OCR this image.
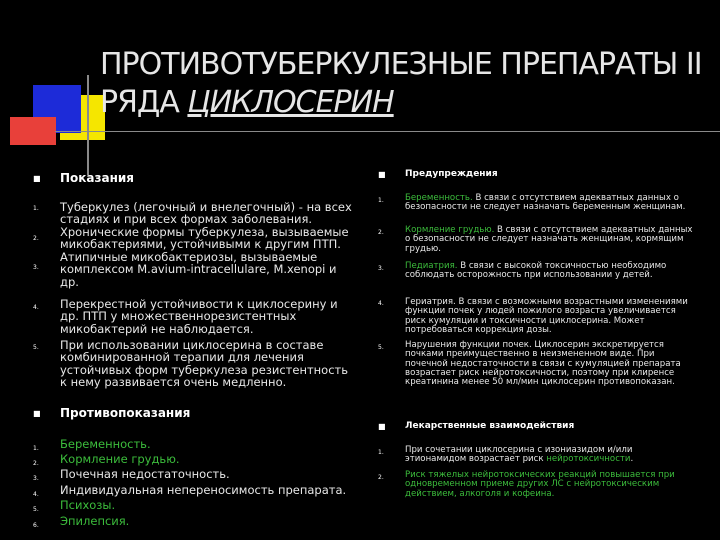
ПРОТИВОТУБЕРКУЛЕЗНЫЕ ПРЕПАРАТЫ II РЯДА ЦИКЛОСЕРИН
■ Показания
1. Туберкулез (легочный и внелегочный) - на всех стадиях и при всех формах заболевания.
2. Хронические формы туберкулеза, вызываемые микобактериями, устойчивыми к другим ПТП.
3.
Атипичные микобактериозы, вызываемые комплексом M.avium-intracellulare, M.xenopi и др.
4. Перекрестной устойчивости к циклосерину и др. ПТП у множественнорезистентных микобактерий не наблюдается.
5. При использовании циклосерина в составе комбинированной терапии для лечения устойчивых форм туберкулеза резистентность к нему развивается очень медленно.
■ Противопоказания
1. Беременность.
2. Кормление грудью.
3. Почечная недостаточность.
4. Индивидуальная непереносимость препарата.
5. Психозы.
6. Эпилепсия.
■ Предупреждения
1. Беременность. В связи с отсутствием адекватных данных о безопасности не следует назначать беременным женщинам.
2. Кормление грудью. В связи с отсутствием адекватных данных о безопасности не следует назначать женщинам, кормящим грудью.
3. Педиатрия. В связи с высокой токсичностью необходимо соблюдать осторожность при использовании у детей.
4. Гериатрия. В связи с возможными возрастными изменениями функции почек у людей пожилого возраста увеличивается риск кумуляции и токсичности циклосерина. Может потребоваться коррекция дозы.
5. Нарушения функции почек. Циклосерин экскретируется почками преимущественно в неизмененном виде. При почечной недостаточности в связи с кумуляцией препарата возрастает риск нейротоксичности, поэтому при клиренсе креатинина менее 50 мл/мин циклосерин противопоказан.
■ Лекарственные взаимодействия
1. При сочетании циклосерина с изониазидом и/или этионамидом возрастает риск нейротоксичности.
2. Риск тяжелых нейротоксических реакций повышается при одновременном приеме других ЛС с нейротоксическим действием, алкоголя и кофеина.
